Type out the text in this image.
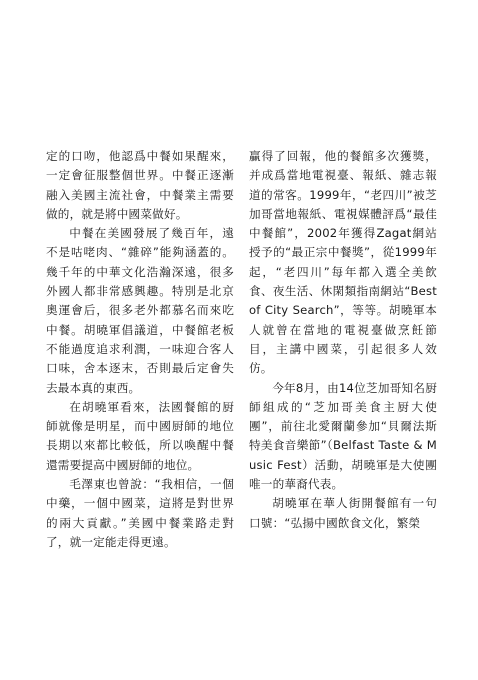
定的口吻，他認爲中餐如果醒來，一定會征服整個世界。中餐正逐漸融入美國主流社會，中餐業主需要做的，就是將中國菜做好。

中餐在美國發展了幾百年，遠不是咕咾肉、“雜碎”能夠涵蓋的。幾千年的中華文化浩瀚深遠，很多外國人都非常感興趣。特別是北京奧運會后，很多老外都慕名而來吃中餐。胡曉軍倡議道，中餐館老板不能過度追求利潤，一味迎合客人口味，舍本逐末，否則最后定會失去最本真的東西。

在胡曉軍看來，法國餐館的厨師就像是明星，而中國厨師的地位長期以來都比較低，所以喚醒中餐還需要提高中國厨師的地位。

毛澤東也曾說：“我相信，一個中藥，一個中國菜，這將是對世界的兩大貢獻。”美國中餐業路走對了，就一定能走得更遠。

贏得了回報，他的餐館多次獲獎，并成爲當地電視臺、報紙、雜志報道的常客。1999年，“老四川”被芝加哥當地報紙、電視媒體評爲“最佳中餐館”，2002年獲得Zagat網站授予的“最正宗中餐獎”，從1999年起，“老四川”每年都入選全美飲食、夜生活、休閑類指南網站“Best of City Search”，等等。胡曉軍本人就曾在當地的電視臺做烹飪節目，主講中國菜，引起很多人效仿。

今年8月，由14位芝加哥知名厨師組成的“芝加哥美食主厨大使團”，前往北愛爾蘭參加“貝爾法斯特美食音樂節”（Belfast Taste & Music Fest）活動，胡曉軍是大使團唯一的華裔代表。

胡曉軍在華人街開餐館有一句口號：“弘揚中國飲食文化，繁榮
